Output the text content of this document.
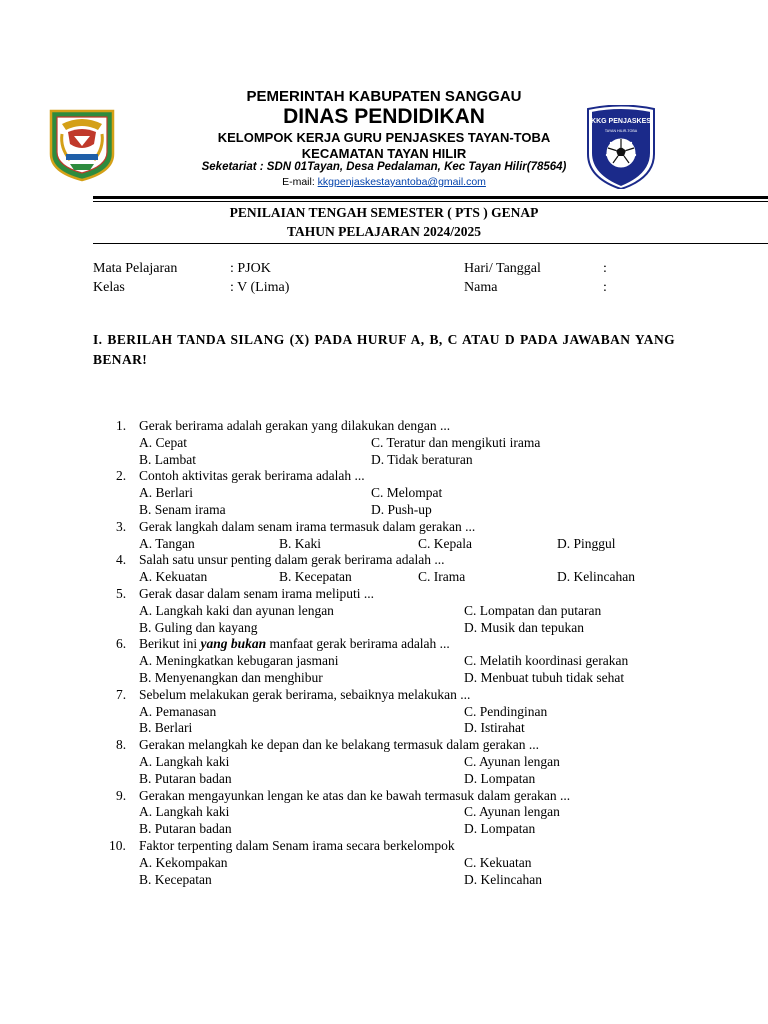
KKG PENJASKES
TAYAN HILIR-TOBA
PEMERINTAH KABUPATEN SANGGAU
DINAS PENDIDIKAN
KELOMPOK KERJA GURU PENJASKES TAYAN-TOBA
KECAMATAN TAYAN HILIR
Seketariat : SDN 01Tayan, Desa Pedalaman, Kec Tayan Hilir(78564)
E-mail: kkgpenjaskestayantoba@gmail.com
PENILAIAN TENGAH SEMESTER ( PTS ) GENAP
TAHUN PELAJARAN 2024/2025
Mata Pelajaran	: PJOK	Hari/ Tanggal	:
Kelas	: V (Lima)	Nama	:
I. BERILAH TANDA SILANG (X) PADA HURUF A, B, C ATAU D PADA JAWABAN YANG BENAR!
1. Gerak berirama adalah gerakan yang dilakukan dengan ...
A. Cepat	C. Teratur dan mengikuti irama
B. Lambat	D. Tidak beraturan
2. Contoh aktivitas gerak berirama adalah ...
A. Berlari	C. Melompat
B. Senam irama	D. Push-up
3. Gerak langkah dalam senam irama termasuk dalam gerakan ...
A. Tangan	B. Kaki	C. Kepala	D. Pinggul
4. Salah satu unsur penting dalam gerak berirama adalah ...
A. Kekuatan	B. Kecepatan	C. Irama	D. Kelincahan
5. Gerak dasar dalam senam irama meliputi ...
A. Langkah kaki dan ayunan lengan	C. Lompatan dan putaran
B. Guling dan kayang	D. Musik dan tepukan
6. Berikut ini yang bukan manfaat gerak berirama adalah ...
A. Meningkatkan kebugaran jasmani	C. Melatih koordinasi gerakan
B. Menyenangkan dan menghibur	D. Menbuat tubuh tidak sehat
7. Sebelum melakukan gerak berirama, sebaiknya melakukan ...
A. Pemanasan	C. Pendinginan
B. Berlari	D. Istirahat
8. Gerakan melangkah ke depan dan ke belakang termasuk dalam gerakan ...
A. Langkah kaki	C. Ayunan lengan
B. Putaran badan	D. Lompatan
9. Gerakan mengayunkan lengan ke atas dan ke bawah termasuk dalam gerakan ...
A. Langkah kaki	C. Ayunan lengan
B. Putaran badan	D. Lompatan
10. Faktor terpenting dalam Senam irama secara berkelompok
A. Kekompakan	C. Kekuatan
B. Kecepatan	D. Kelincahan
